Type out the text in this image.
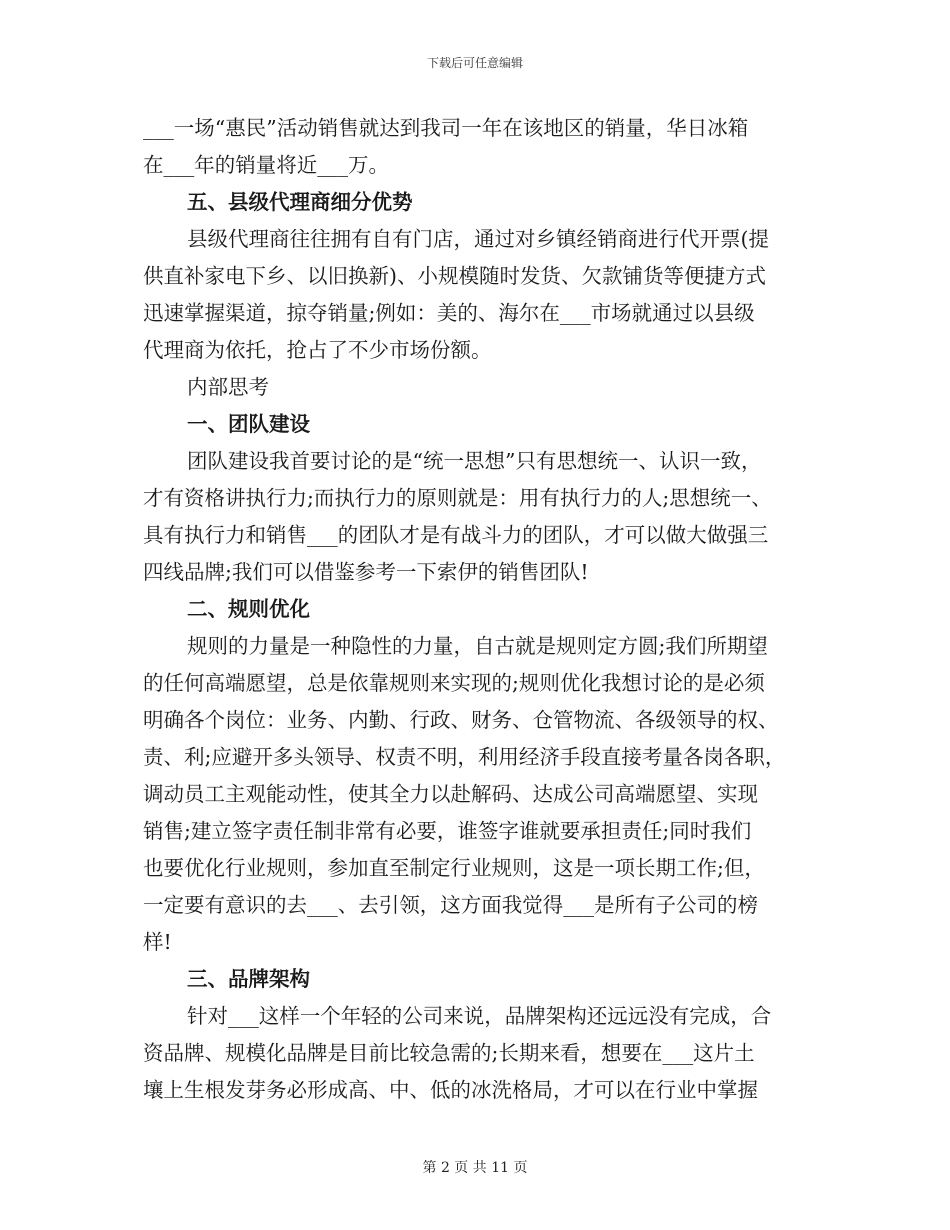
下载后可任意编辑
___一场“惠民”活动销售就达到我司一年在该地区的销量，华日冰箱
在___年的销量将近___万。
五、县级代理商细分优势
县级代理商往往拥有自有门店，通过对乡镇经销商进行代开票(提
供直补家电下乡、以旧换新)、小规模随时发货、欠款铺货等便捷方式
迅速掌握渠道，掠夺销量;例如：美的、海尔在___市场就通过以县级
代理商为依托，抢占了不少市场份额。
内部思考
一、团队建设
团队建设我首要讨论的是“统一思想”只有思想统一、认识一致，
才有资格讲执行力;而执行力的原则就是：用有执行力的人;思想统一、
具有执行力和销售___的团队才是有战斗力的团队，才可以做大做强三
四线品牌;我们可以借鉴参考一下索伊的销售团队!
二、规则优化
规则的力量是一种隐性的力量，自古就是规则定方圆;我们所期望
的任何高端愿望，总是依靠规则来实现的;规则优化我想讨论的是必须
明确各个岗位：业务、内勤、行政、财务、仓管物流、各级领导的权、
责、利;应避开多头领导、权责不明，利用经济手段直接考量各岗各职，
调动员工主观能动性，使其全力以赴解码、达成公司高端愿望、实现
销售;建立签字责任制非常有必要，谁签字谁就要承担责任;同时我们
也要优化行业规则，参加直至制定行业规则，这是一项长期工作;但，
一定要有意识的去___、去引领，这方面我觉得___是所有子公司的榜
样!
三、品牌架构
针对___这样一个年轻的公司来说，品牌架构还远远没有完成，合
资品牌、规模化品牌是目前比较急需的;长期来看，想要在___这片土
壤上生根发芽务必形成高、中、低的冰洗格局，才可以在行业中掌握
第 2 页 共 11 页
